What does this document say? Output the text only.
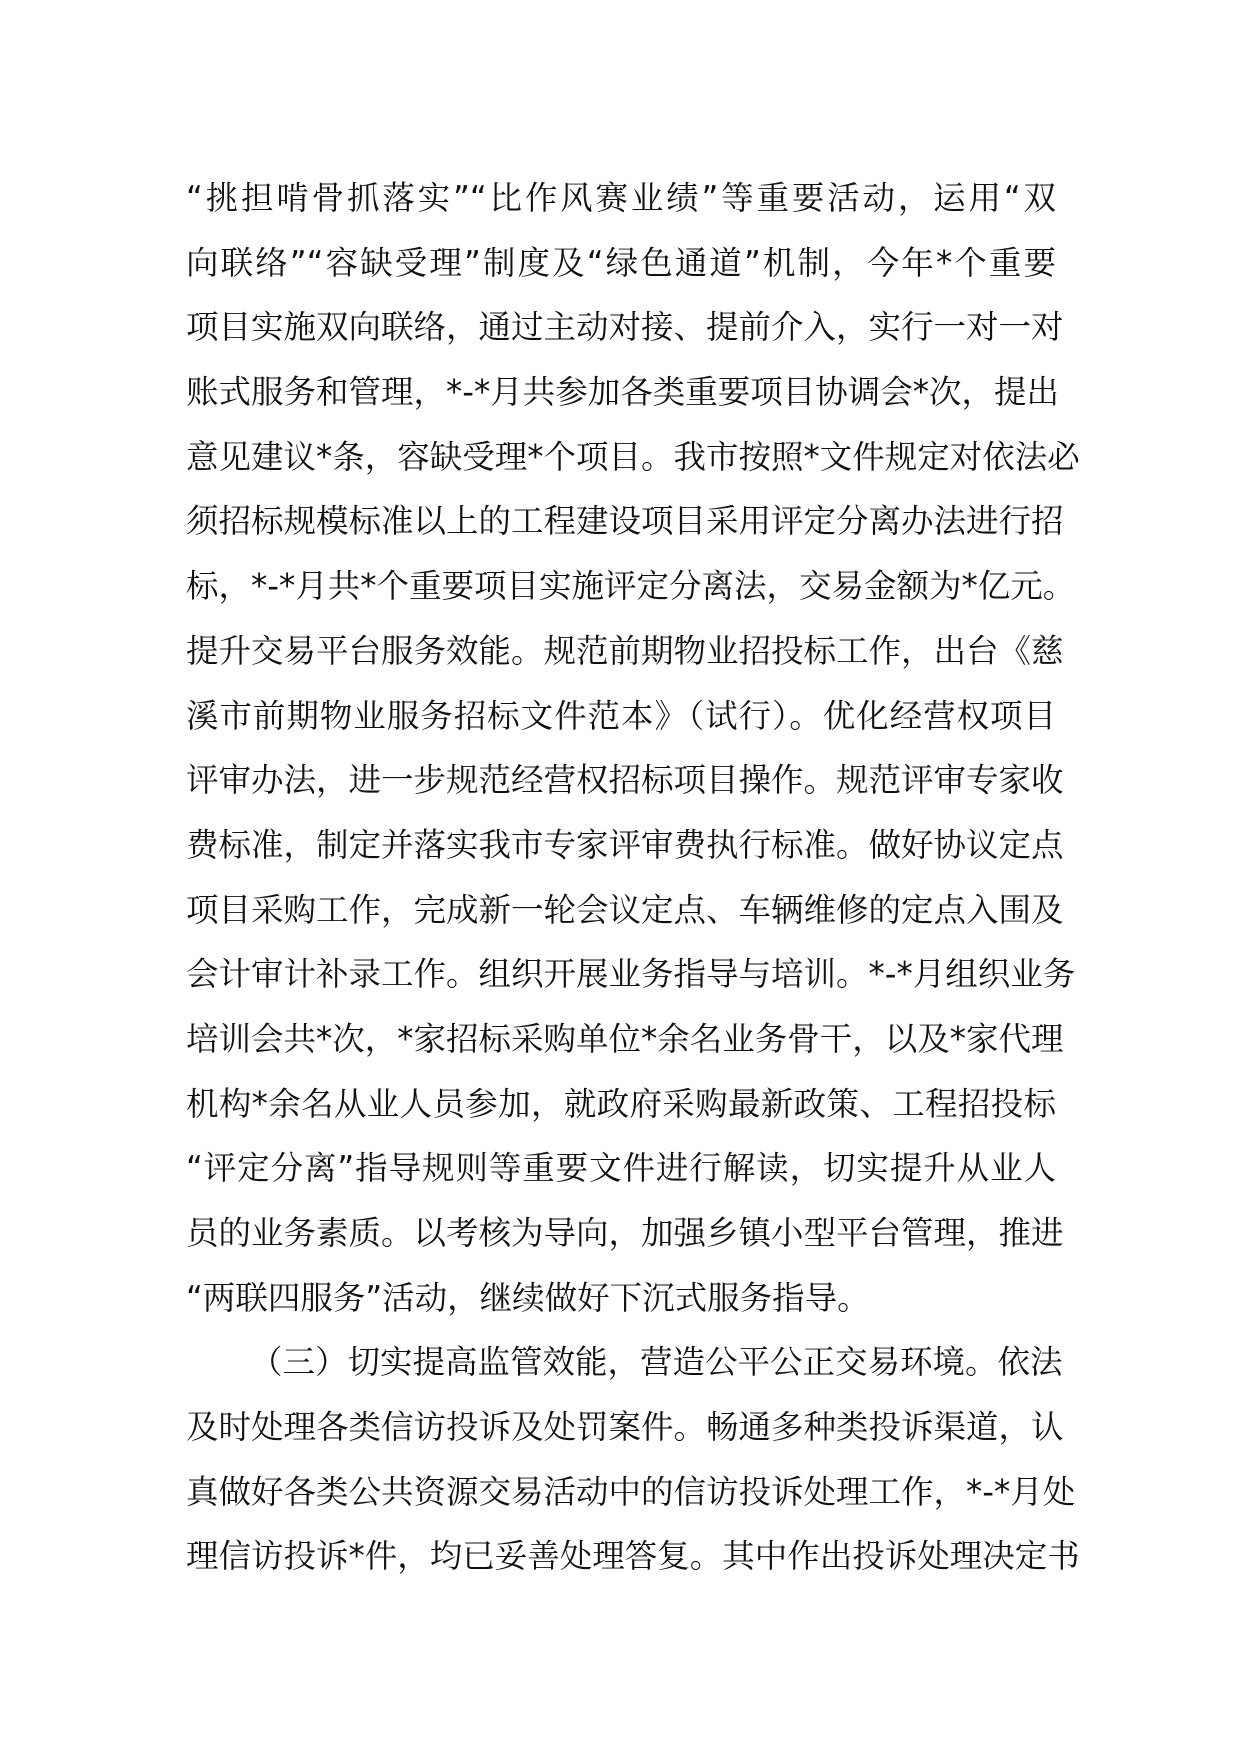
“挑担啃骨抓落实”“比作风赛业绩”等重要活动，运用“双
向联络”“容缺受理”制度及“绿色通道”机制，今年*个重要
项目实施双向联络，通过主动对接、提前介入，实行一对一对
账式服务和管理，*-*月共参加各类重要项目协调会*次，提出
意见建议*条，容缺受理*个项目。我市按照*文件规定对依法必
须招标规模标准以上的工程建设项目采用评定分离办法进行招
标，*-*月共*个重要项目实施评定分离法，交易金额为*亿元。
提升交易平台服务效能。规范前期物业招投标工作，出台《慈
溪市前期物业服务招标文件范本》（试行）。优化经营权项目
评审办法，进一步规范经营权招标项目操作。规范评审专家收
费标准，制定并落实我市专家评审费执行标准。做好协议定点
项目采购工作，完成新一轮会议定点、车辆维修的定点入围及
会计审计补录工作。组织开展业务指导与培训。*-*月组织业务
培训会共*次，*家招标采购单位*余名业务骨干，以及*家代理
机构*余名从业人员参加，就政府采购最新政策、工程招投标
“评定分离”指导规则等重要文件进行解读，切实提升从业人
员的业务素质。以考核为导向，加强乡镇小型平台管理，推进
“两联四服务”活动，继续做好下沉式服务指导。
（三）切实提高监管效能，营造公平公正交易环境。依法
及时处理各类信访投诉及处罚案件。畅通多种类投诉渠道，认
真做好各类公共资源交易活动中的信访投诉处理工作，*-*月处
理信访投诉*件，均已妥善处理答复。其中作出投诉处理决定书
